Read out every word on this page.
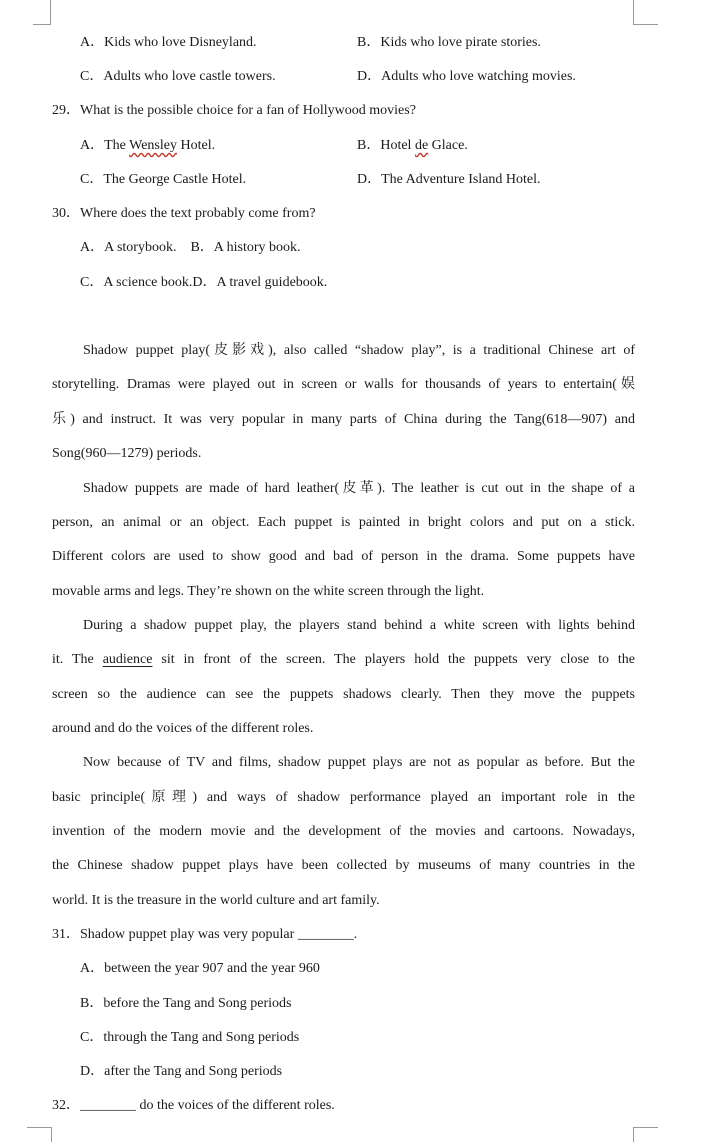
A．Kids who love Disneyland.	B．Kids who love pirate stories.
C．Adults who love castle towers.	D．Adults who love watching movies.
29．What is the possible choice for a fan of Hollywood movies?
A．The Wensley Hotel.	B．Hotel de Glace.
C．The George Castle Hotel.	D．The Adventure Island Hotel.
30．Where does the text probably come from?
A．A storybook.    B．A history book.
C．A science book.D．A travel guidebook.
Shadow puppet play(皮影戏), also called “shadow play”, is a traditional Chinese art of
storytelling. Dramas were played out in screen or walls for thousands of years to entertain(娱
乐) and instruct. It was very popular in many parts of China during the Tang(618—907) and
Song(960—1279) periods.
Shadow puppets are made of hard leather(皮革). The leather is cut out in the shape of a
person, an animal or an object. Each puppet is painted in bright colors and put on a stick.
Different colors are used to show good and bad of person in the drama. Some puppets have
movable arms and legs. They’re shown on the white screen through the light.
During a shadow puppet play, the players stand behind a white screen with lights behind
it. The audience sit in front of the screen. The players hold the puppets very close to the
screen so the audience can see the puppets shadows clearly. Then they move the puppets
around and do the voices of the different roles.
Now because of TV and films, shadow puppet plays are not as popular as before. But the
basic principle(原理) and ways of shadow performance played an important role in the
invention of the modern movie and the development of the movies and cartoons. Nowadays,
the Chinese shadow puppet plays have been collected by museums of many countries in the
world. It is the treasure in the world culture and art family.
31．Shadow puppet play was very popular ________.
A．between the year 907 and the year 960
B．before the Tang and Song periods
C．through the Tang and Song periods
D．after the Tang and Song periods
32．________ do the voices of the different roles.
